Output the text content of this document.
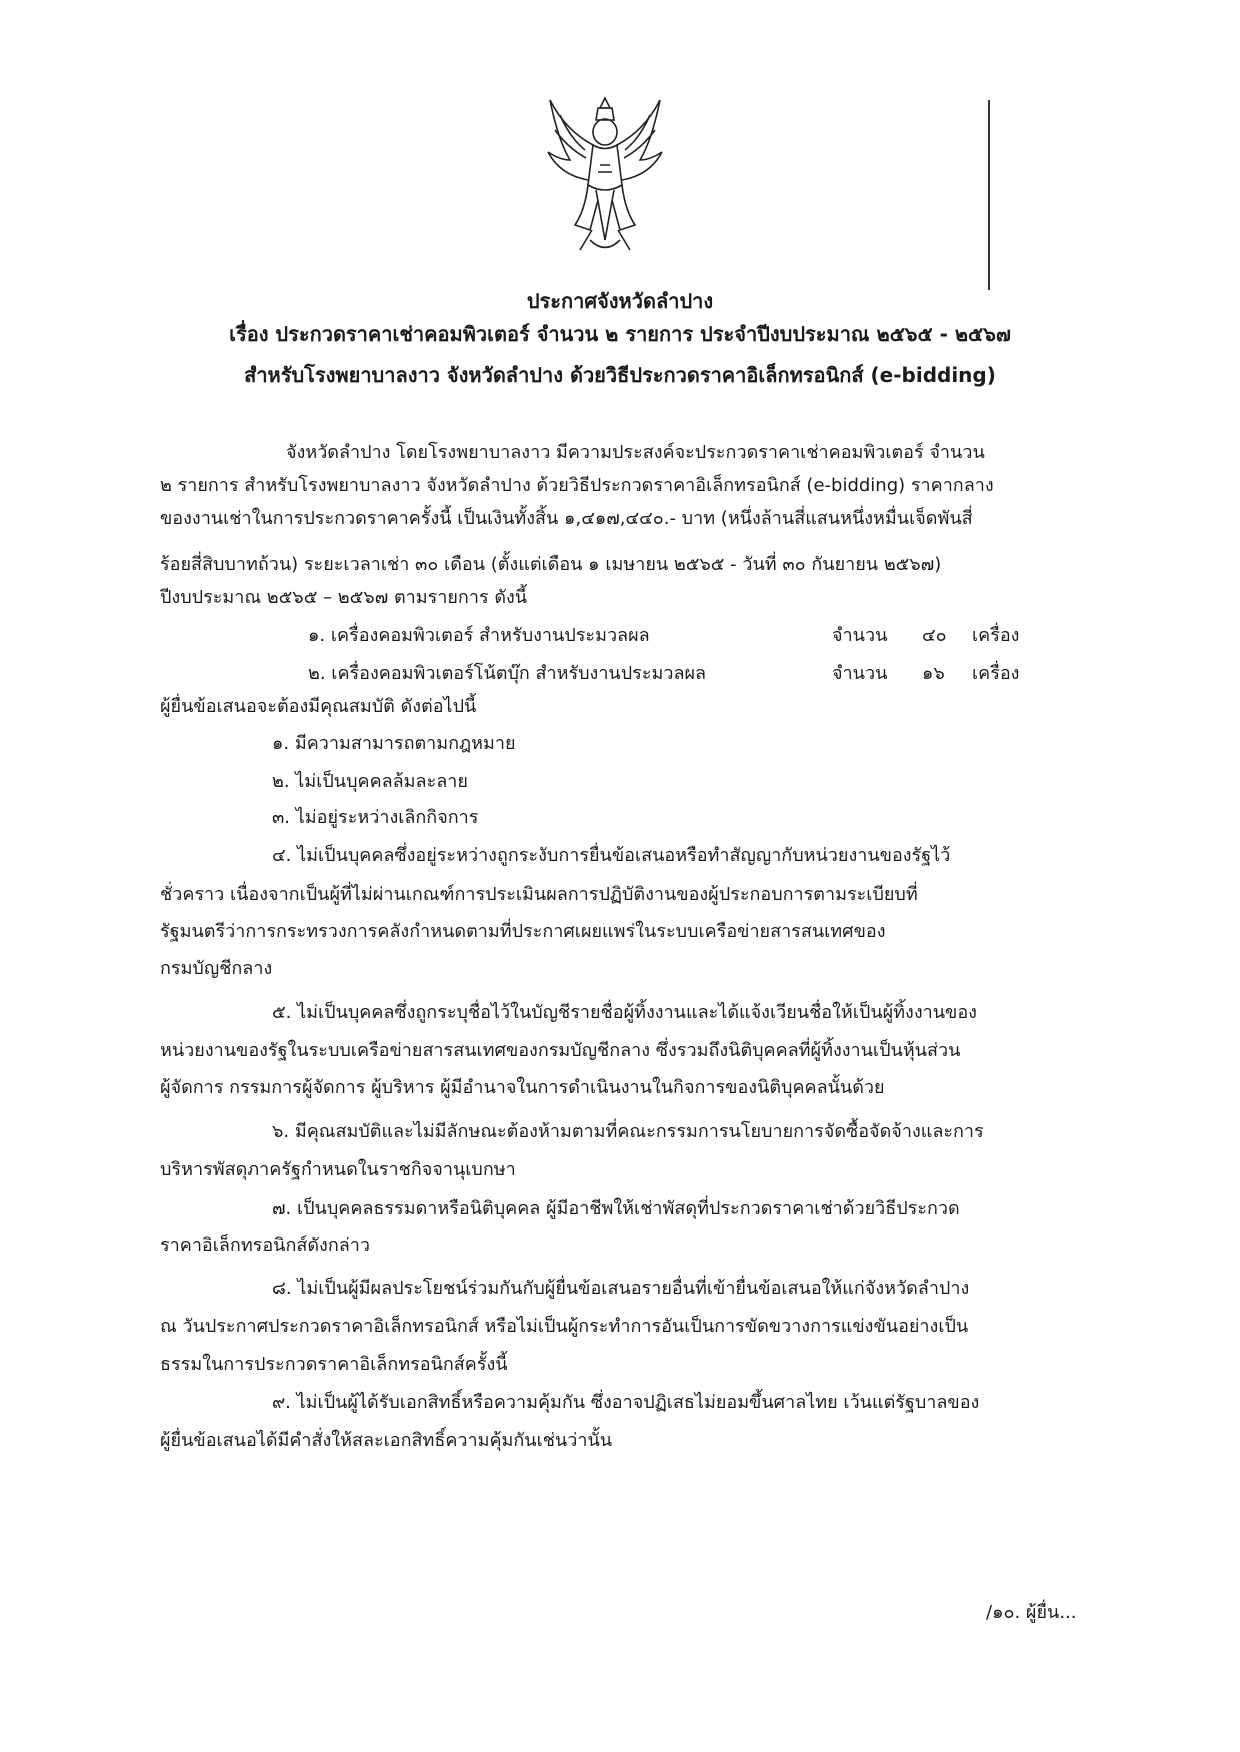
ประกาศจังหวัดลำปาง
เรื่อง ประกวดราคาเช่าคอมพิวเตอร์ จำนวน ๒ รายการ ประจำปีงบประมาณ ๒๕๖๕ - ๒๕๖๗
สำหรับโรงพยาบาลงาว จังหวัดลำปาง ด้วยวิธีประกวดราคาอิเล็กทรอนิกส์ (e-bidding)
จังหวัดลำปาง โดยโรงพยาบาลงาว มีความประสงค์จะประกวดราคาเช่าคอมพิวเตอร์ จำนวน
๒ รายการ สำหรับโรงพยาบาลงาว จังหวัดลำปาง ด้วยวิธีประกวดราคาอิเล็กทรอนิกส์ (e-bidding) ราคากลาง
ของงานเช่าในการประกวดราคาครั้งนี้ เป็นเงินทั้งสิ้น ๑,๔๑๗,๔๔๐.- บาท (หนึ่งล้านสี่แสนหนึ่งหมื่นเจ็ดพันสี่
ร้อยสี่สิบบาทถ้วน) ระยะเวลาเช่า ๓๐ เดือน (ตั้งแต่เดือน ๑ เมษายน ๒๕๖๕ - วันที่ ๓๐ กันยายน ๒๕๖๗)
ปีงบประมาณ ๒๕๖๕ – ๒๕๖๗ ตามรายการ ดังนี้
๑. เครื่องคอมพิวเตอร์ สำหรับงานประมวลผล	จำนวน ๔๐ เครื่อง
๒. เครื่องคอมพิวเตอร์โน้ตบุ๊ก สำหรับงานประมวลผล	จำนวน ๑๖ เครื่อง
ผู้ยื่นข้อเสนอจะต้องมีคุณสมบัติ ดังต่อไปนี้
๑. มีความสามารถตามกฎหมาย
๒. ไม่เป็นบุคคลล้มละลาย
๓. ไม่อยู่ระหว่างเลิกกิจการ
๔. ไม่เป็นบุคคลซึ่งอยู่ระหว่างถูกระงับการยื่นข้อเสนอหรือทำสัญญากับหน่วยงานของรัฐไว้
ชั่วคราว เนื่องจากเป็นผู้ที่ไม่ผ่านเกณฑ์การประเมินผลการปฏิบัติงานของผู้ประกอบการตามระเบียบที่
รัฐมนตรีว่าการกระทรวงการคลังกำหนดตามที่ประกาศเผยแพร่ในระบบเครือข่ายสารสนเทศของ
กรมบัญชีกลาง
๕. ไม่เป็นบุคคลซึ่งถูกระบุชื่อไว้ในบัญชีรายชื่อผู้ทิ้งงานและได้แจ้งเวียนชื่อให้เป็นผู้ทิ้งงานของ
หน่วยงานของรัฐในระบบเครือข่ายสารสนเทศของกรมบัญชีกลาง ซึ่งรวมถึงนิติบุคคลที่ผู้ทิ้งงานเป็นหุ้นส่วน
ผู้จัดการ กรรมการผู้จัดการ ผู้บริหาร ผู้มีอำนาจในการดำเนินงานในกิจการของนิติบุคคลนั้นด้วย
๖. มีคุณสมบัติและไม่มีลักษณะต้องห้ามตามที่คณะกรรมการนโยบายการจัดซื้อจัดจ้างและการ
บริหารพัสดุภาครัฐกำหนดในราชกิจจานุเบกษา
๗. เป็นบุคคลธรรมดาหรือนิติบุคคล ผู้มีอาชีพให้เช่าพัสดุที่ประกวดราคาเช่าด้วยวิธีประกวด
ราคาอิเล็กทรอนิกส์ดังกล่าว
๘. ไม่เป็นผู้มีผลประโยชน์ร่วมกันกับผู้ยื่นข้อเสนอรายอื่นที่เข้ายื่นข้อเสนอให้แก่จังหวัดลำปาง
ณ วันประกาศประกวดราคาอิเล็กทรอนิกส์ หรือไม่เป็นผู้กระทำการอันเป็นการขัดขวางการแข่งขันอย่างเป็น
ธรรมในการประกวดราคาอิเล็กทรอนิกส์ครั้งนี้
๙. ไม่เป็นผู้ได้รับเอกสิทธิ์หรือความคุ้มกัน ซึ่งอาจปฏิเสธไม่ยอมขึ้นศาลไทย เว้นแต่รัฐบาลของ
ผู้ยื่นข้อเสนอได้มีคำสั่งให้สละเอกสิทธิ์ความคุ้มกันเช่นว่านั้น
/๑๐. ผู้ยื่น...
